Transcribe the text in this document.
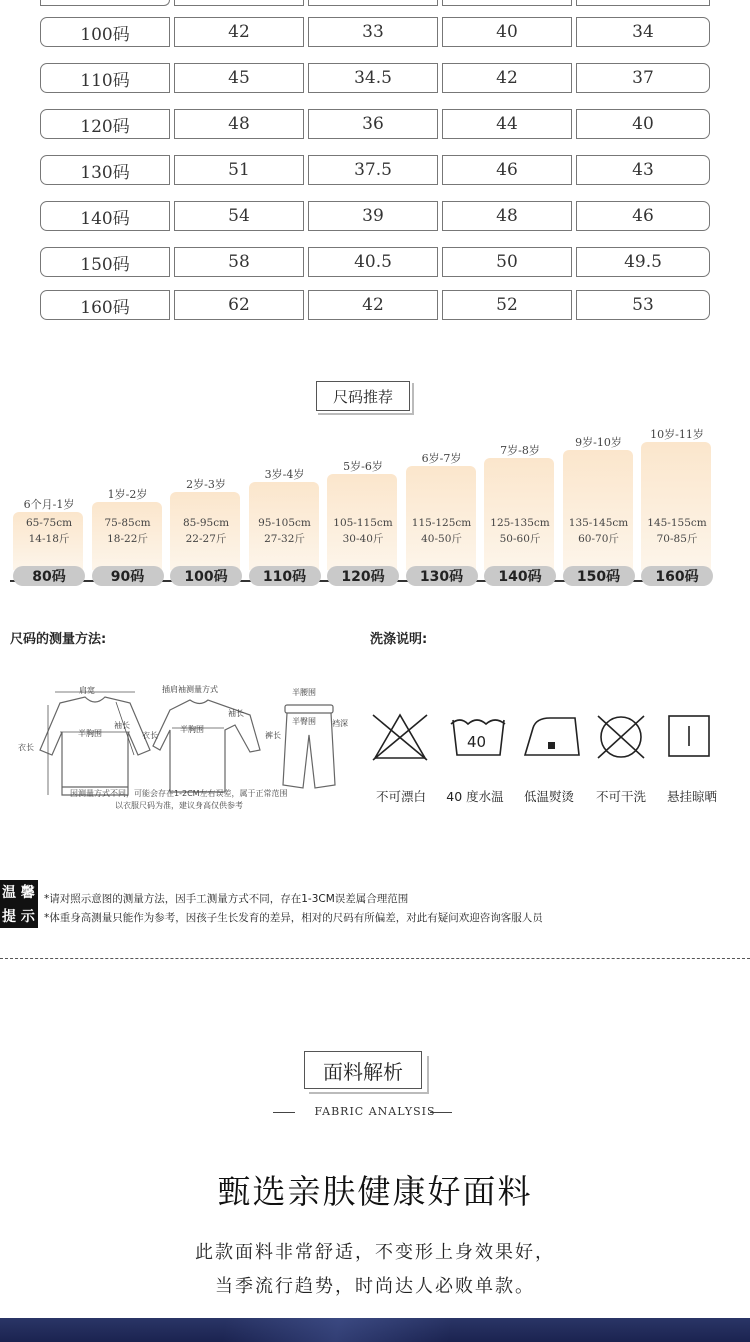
100码	42	33	40	34
110码	45	34.5	42	37
120码	48	36	44	40
130码	51	37.5	46	43
140码	54	39	48	46
150码	58	40.5	50	49.5
160码	62	42	52	53
尺码推荐
6个月-1岁
65-75cm
14-18斤
80码
1岁-2岁
75-85cm
18-22斤
90码
2岁-3岁
85-95cm
22-27斤
100码
3岁-4岁
95-105cm
27-32斤
110码
5岁-6岁
105-115cm
30-40斤
120码
6岁-7岁
115-125cm
40-50斤
130码
7岁-8岁
125-135cm
50-60斤
140码
9岁-10岁
135-145cm
60-70斤
150码
10岁-11岁
145-155cm
70-85斤
160码
尺码的测量方法:
肩宽
半胸围
衣长
袖长
插肩袖测量方式
半胸围
衣长
袖长
半腰围
半臀围
裤长
裆深
因测量方式不同，可能会存在1-2CM左右误差，属于正常范围
以衣服尺码为准，建议身高仅供参考
洗涤说明:
40
不可漂白	40 度水温	低温熨烫	不可干洗	悬挂晾晒
温 馨
提 示
*请对照示意图的测量方法，因手工测量方式不同，存在1-3CM误差属合理范围
*体重身高测量只能作为参考，因孩子生长发育的差异，相对的尺码有所偏差，对此有疑问欢迎咨询客服人员
面料解析
FABRIC ANALYSIS
甄选亲肤健康好面料
此款面料非常舒适，不变形上身效果好，
当季流行趋势，时尚达人必败单款。
